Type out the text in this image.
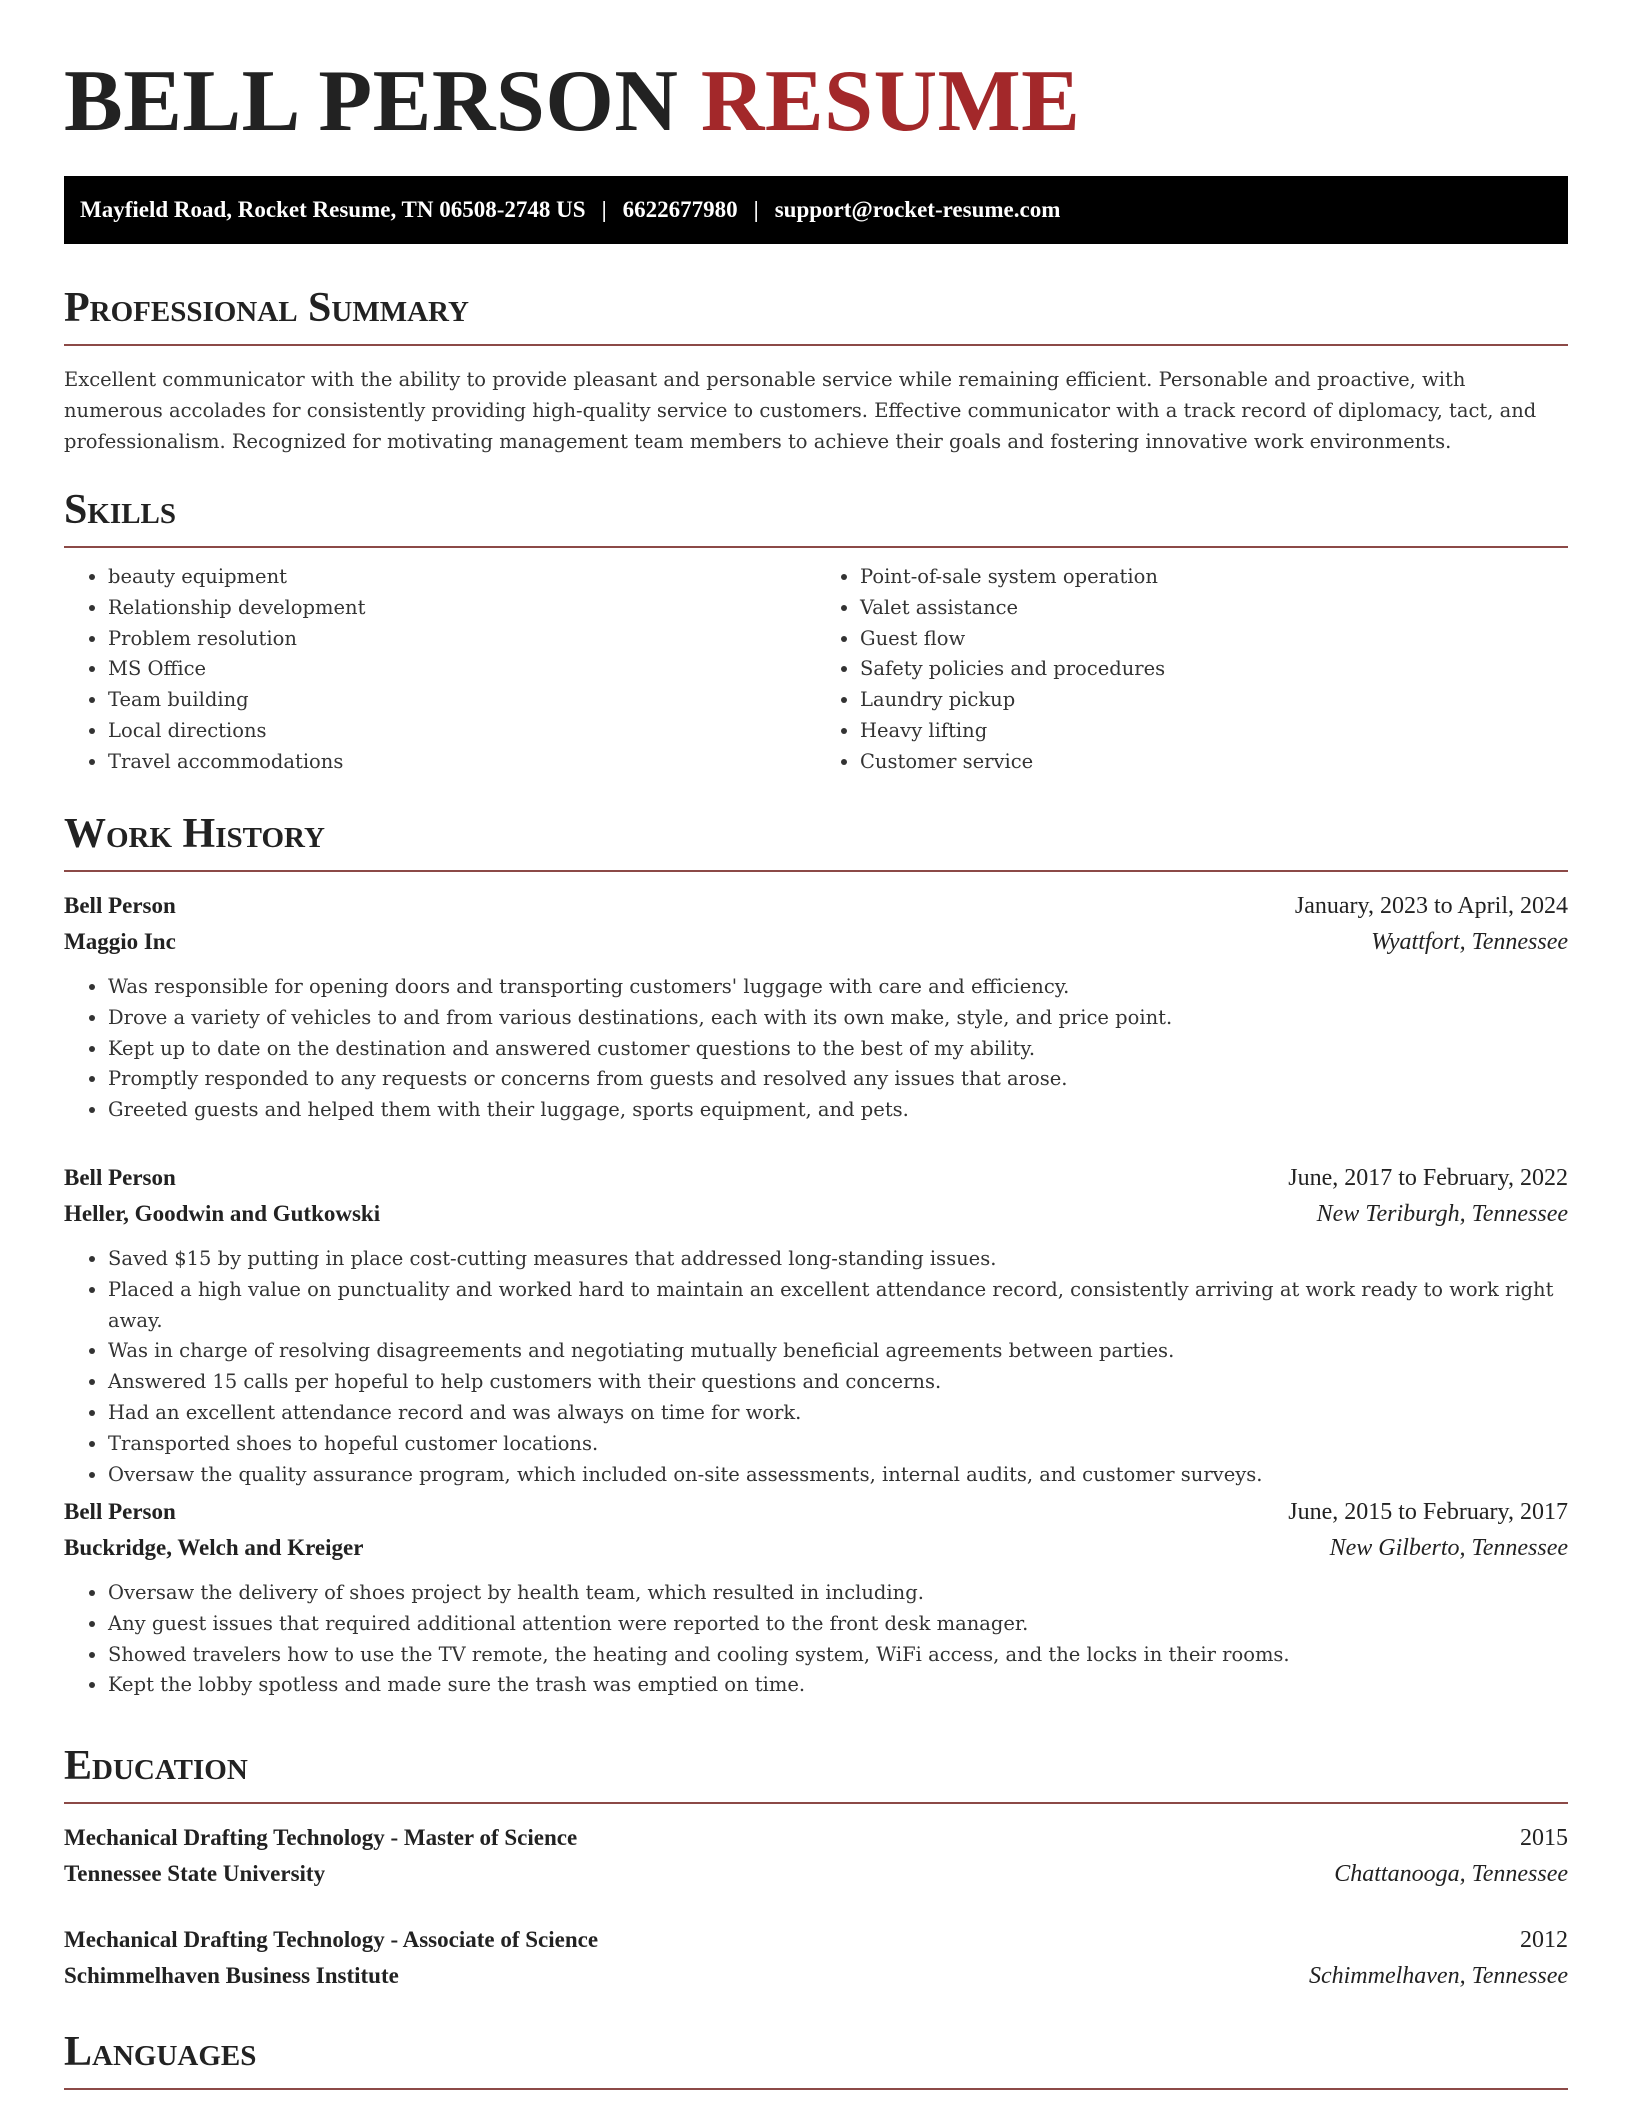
BELL PERSON RESUME
Mayfield Road, Rocket Resume, TN 06508-2748 US | 6622677980 | support@rocket-resume.com
Professional Summary

Excellent communicator with the ability to provide pleasant and personable service while remaining efficient. Personable and proactive, with numerous accolades for consistently providing high-quality service to customers. Effective communicator with a track record of diplomacy, tact, and professionalism. Recognized for motivating management team members to achieve their goals and fostering innovative work environments.

Skills
• beauty equipment
• Relationship development
• Problem resolution
• MS Office
• Team building
• Local directions
• Travel accommodations
• Point-of-sale system operation
• Valet assistance
• Guest flow
• Safety policies and procedures
• Laundry pickup
• Heavy lifting
• Customer service
Work History
Bell Person	January, 2023 to April, 2024
Maggio Inc	Wyattfort, Tennessee
• Was responsible for opening doors and transporting customers' luggage with care and efficiency.
• Drove a variety of vehicles to and from various destinations, each with its own make, style, and price point.
• Kept up to date on the destination and answered customer questions to the best of my ability.
• Promptly responded to any requests or concerns from guests and resolved any issues that arose.
• Greeted guests and helped them with their luggage, sports equipment, and pets.
Bell Person	June, 2017 to February, 2022
Heller, Goodwin and Gutkowski	New Teriburgh, Tennessee
• Saved $15 by putting in place cost-cutting measures that addressed long-standing issues.
• Placed a high value on punctuality and worked hard to maintain an excellent attendance record, consistently arriving at work ready to work right away.
• Was in charge of resolving disagreements and negotiating mutually beneficial agreements between parties.
• Answered 15 calls per hopeful to help customers with their questions and concerns.
• Had an excellent attendance record and was always on time for work.
• Transported shoes to hopeful customer locations.
• Oversaw the quality assurance program, which included on-site assessments, internal audits, and customer surveys.
Bell Person	June, 2015 to February, 2017
Buckridge, Welch and Kreiger	New Gilberto, Tennessee
• Oversaw the delivery of shoes project by health team, which resulted in including.
• Any guest issues that required additional attention were reported to the front desk manager.
• Showed travelers how to use the TV remote, the heating and cooling system, WiFi access, and the locks in their rooms.
• Kept the lobby spotless and made sure the trash was emptied on time.
Education
Mechanical Drafting Technology - Master of Science	2015
Tennessee State University	Chattanooga, Tennessee
Mechanical Drafting Technology - Associate of Science	2012
Schimmelhaven Business Institute	Schimmelhaven, Tennessee
Languages
